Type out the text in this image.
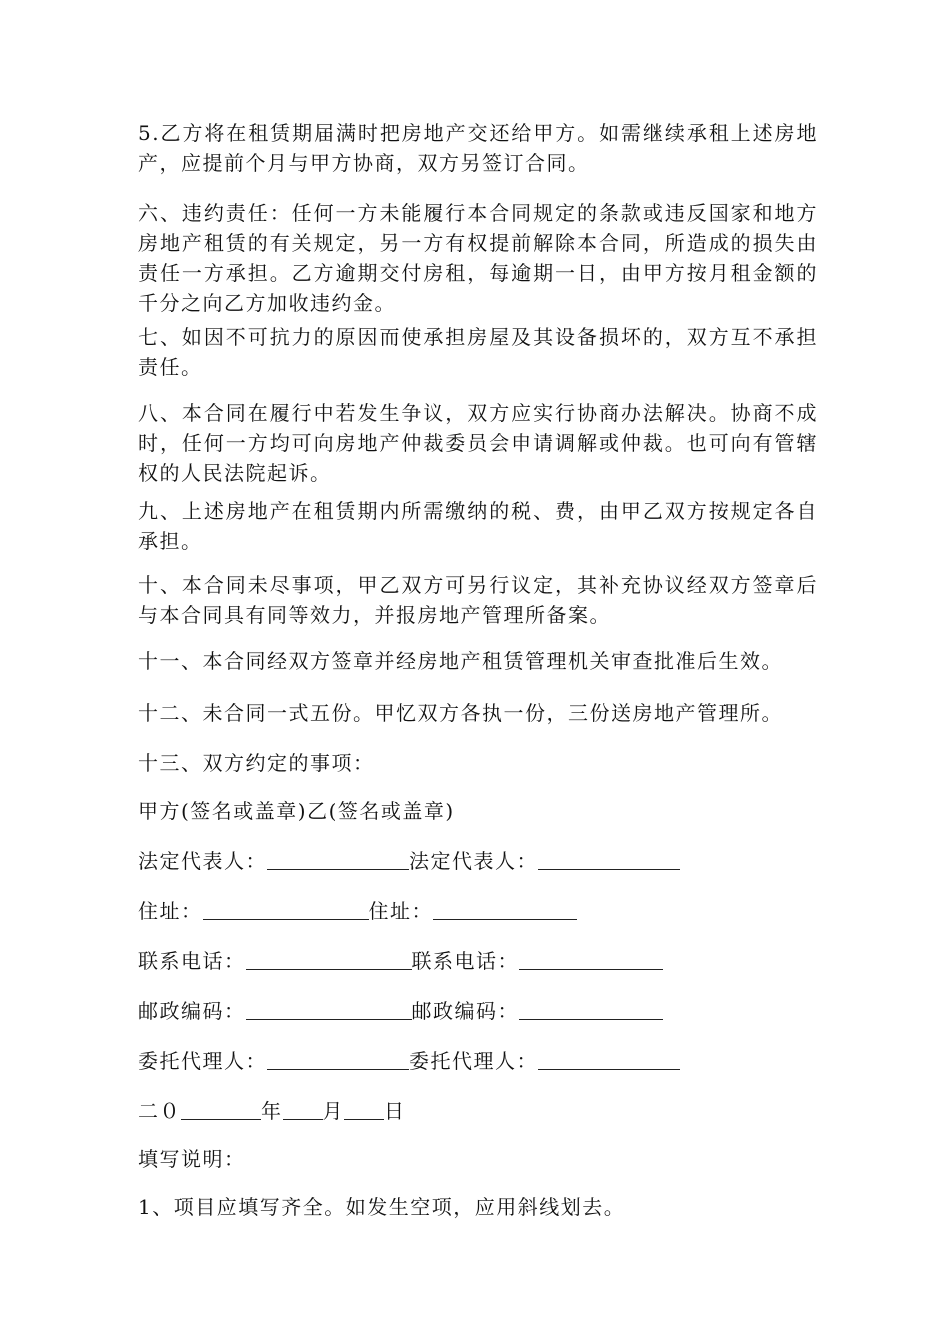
5.乙方将在租赁期届满时把房地产交还给甲方。如需继续承租上述房地产，应提前个月与甲方协商，双方另签订合同。

六、违约责任：任何一方未能履行本合同规定的条款或违反国家和地方房地产租赁的有关规定，另一方有权提前解除本合同，所造成的损失由责任一方承担。乙方逾期交付房租，每逾期一日，由甲方按月租金额的千分之向乙方加收违约金。

七、如因不可抗力的原因而使承担房屋及其设备损坏的，双方互不承担责任。

八、本合同在履行中若发生争议，双方应实行协商办法解决。协商不成时，任何一方均可向房地产仲裁委员会申请调解或仲裁。也可向有管辖权的人民法院起诉。

九、上述房地产在租赁期内所需缴纳的税、费，由甲乙双方按规定各自承担。

十、本合同未尽事项，甲乙双方可另行议定，其补充协议经双方签章后与本合同具有同等效力，并报房地产管理所备案。

十一、本合同经双方签章并经房地产租赁管理机关审查批准后生效。

十二、未合同一式五份。甲忆双方各执一份，三份送房地产管理所。

十三、双方约定的事项：

甲方(签名或盖章)乙(签名或盖章)
法定代表人：	法定代表人：
住址：	住址：
联系电话：	联系电话：
邮政编码：	邮政编码：
委托代理人：	委托代理人：
二０	年 月 日
填写说明：
1、项目应填写齐全。如发生空项，应用斜线划去。
